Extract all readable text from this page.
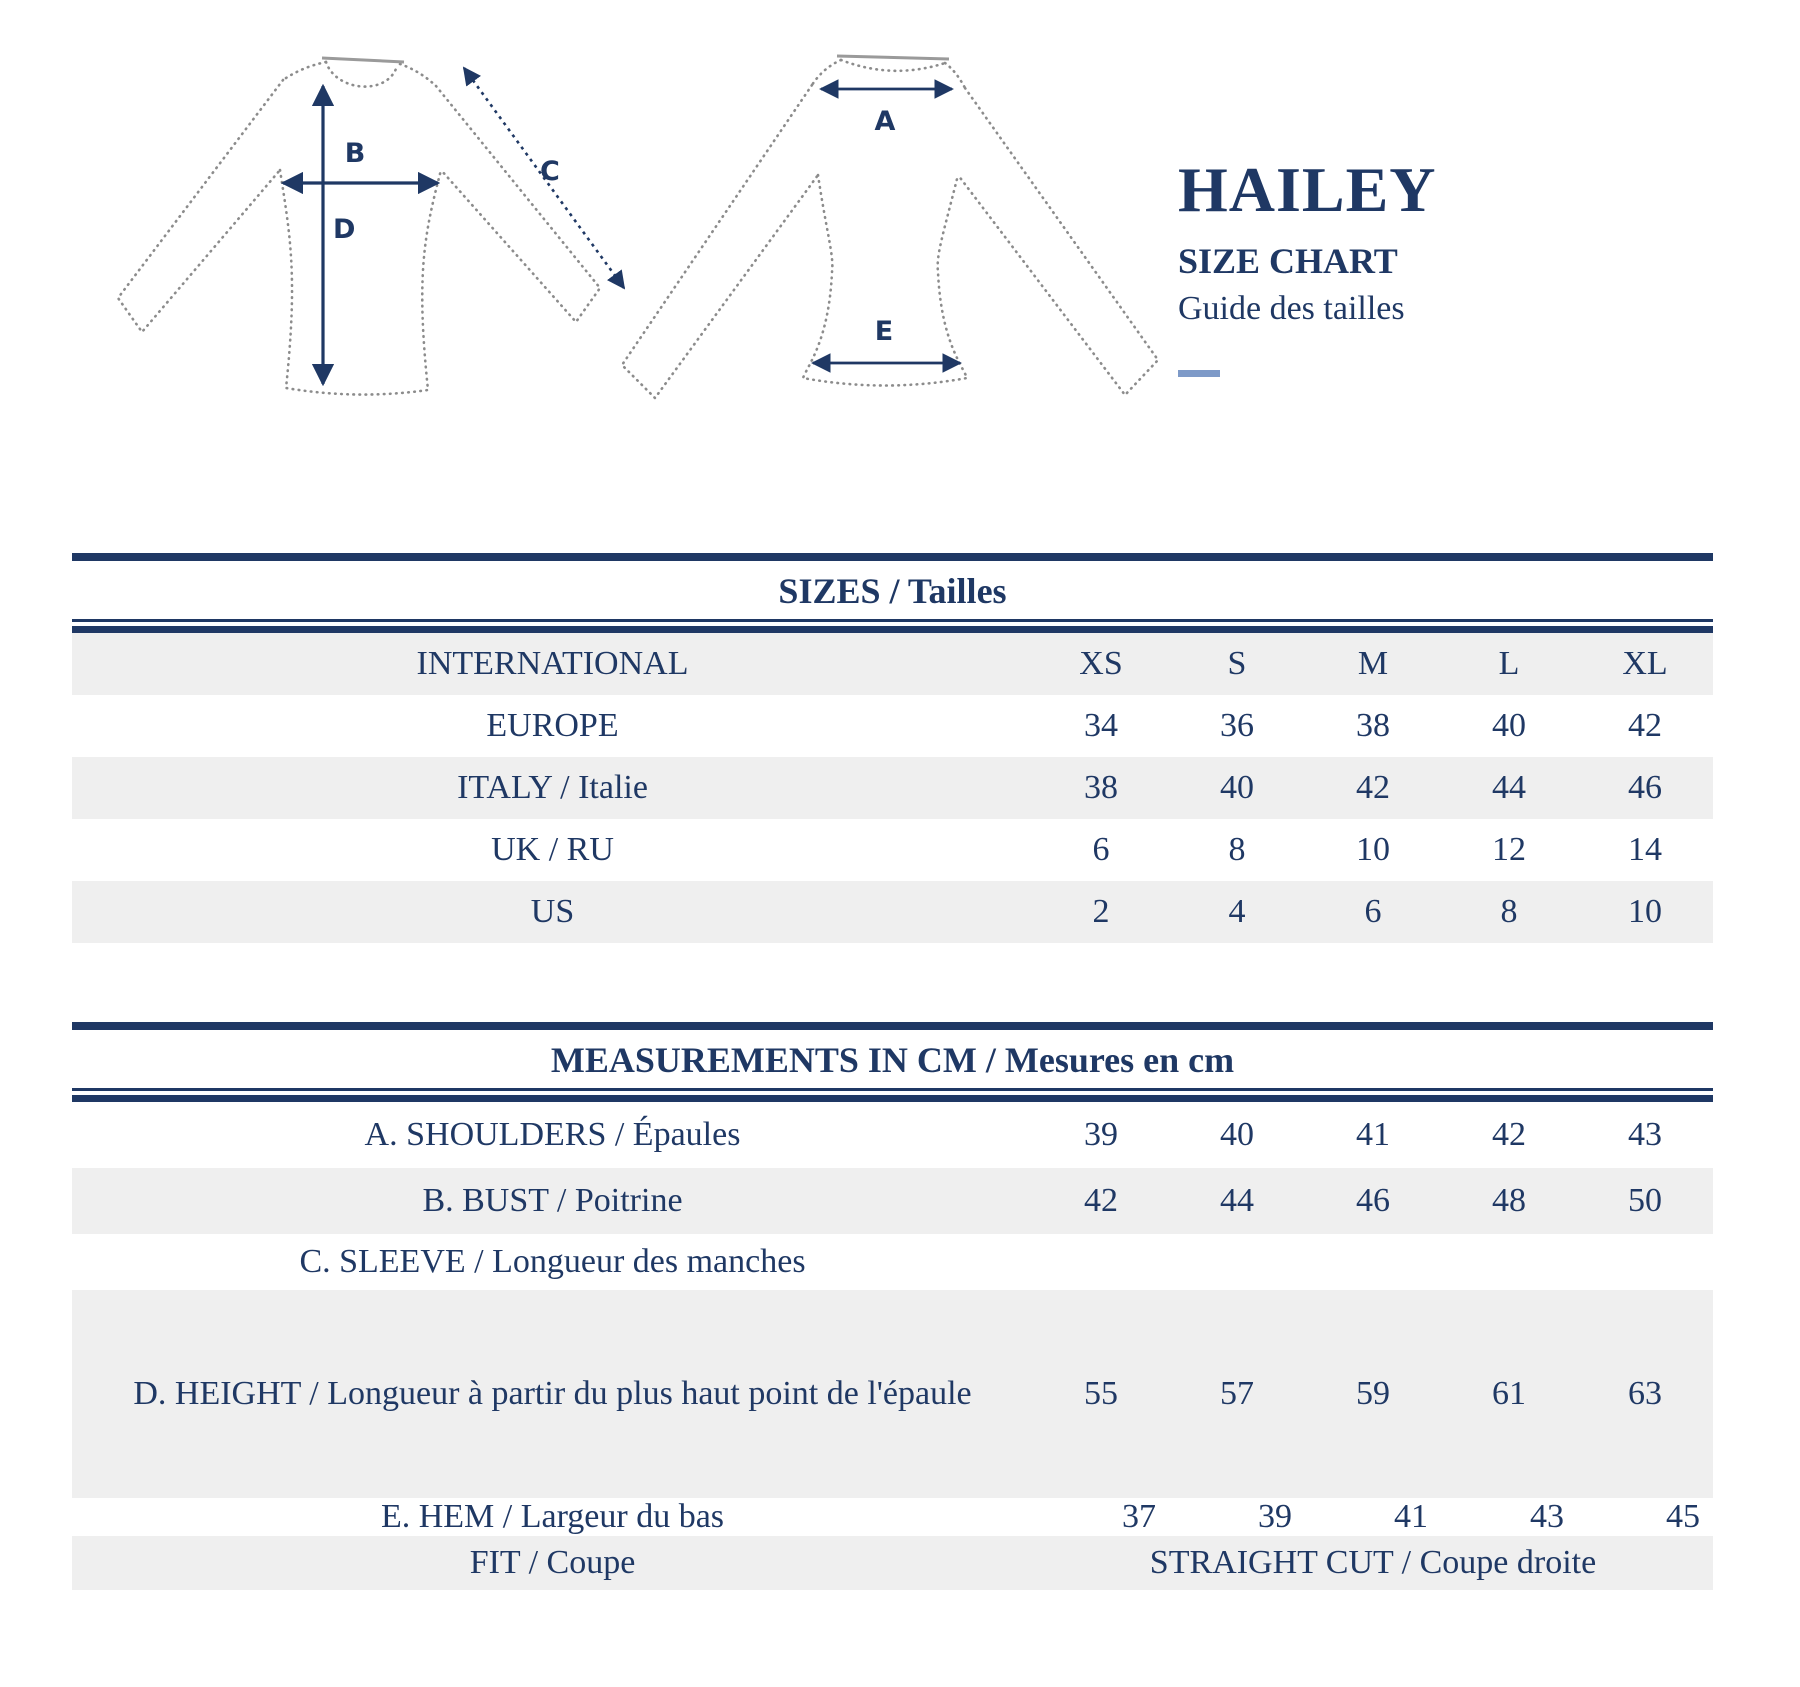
B
D
C
A
E
HAILEY
SIZE CHART
Guide des tailles
SIZES / Tailles
INTERNATIONAL	XS	S	M	L	XL
EUROPE	34	36	38	40	42
ITALY / Italie	38	40	42	44	46
UK / RU	6	8	10	12	14
US	2	4	6	8	10
MEASUREMENTS IN CM / Mesures en cm
A. SHOULDERS / Épaules	39	40	41	42	43
B. BUST / Poitrine	42	44	46	48	50
C. SLEEVE / Longueur des manches					
D. HEIGHT / Longueur à partir du plus haut point de l'épaule	55	57	59	61	63
E. HEM / Largeur du bas	37	39	41	43	45
FIT / Coupe	STRAIGHT CUT / Coupe droite				
